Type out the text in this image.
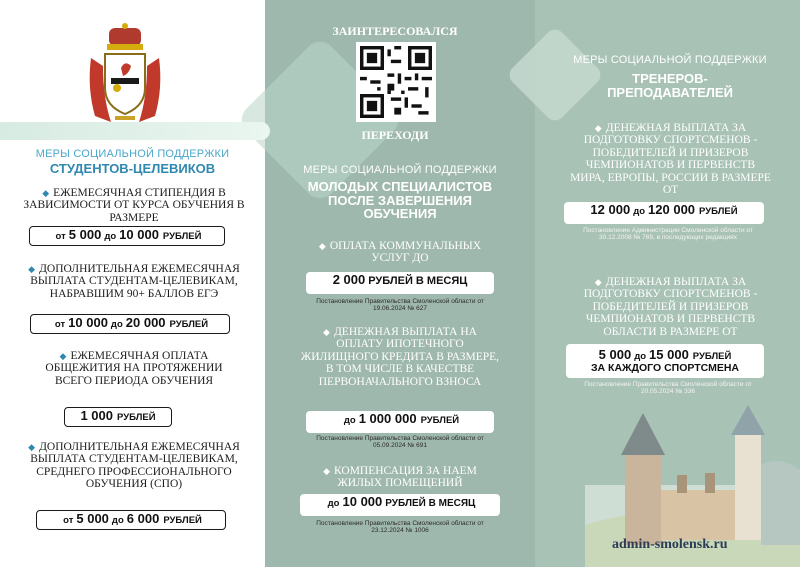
МЕРЫ СОЦИАЛЬНОЙ ПОДДЕРЖКИ
СТУДЕНТОВ-ЦЕЛЕВИКОВ
◆ ЕЖЕМЕСЯЧНАЯ СТИПЕНДИЯ В ЗАВИСИМОСТИ ОТ КУРСА ОБУЧЕНИЯ В РАЗМЕРЕ
от 5 000 до 10 000 РУБЛЕЙ
◆ ДОПОЛНИТЕЛЬНАЯ ЕЖЕМЕСЯЧНАЯ ВЫПЛАТА СТУДЕНТАМ-ЦЕЛЕВИКАМ, НАБРАВШИМ 90+ БАЛЛОВ ЕГЭ
от 10 000 до 20 000 РУБЛЕЙ
◆ ЕЖЕМЕСЯЧНАЯ ОПЛАТА ОБЩЕЖИТИЯ НА ПРОТЯЖЕНИИ ВСЕГО ПЕРИОДА ОБУЧЕНИЯ
1 000 РУБЛЕЙ
◆ ДОПОЛНИТЕЛЬНАЯ ЕЖЕМЕСЯЧНАЯ ВЫПЛАТА СТУДЕНТАМ-ЦЕЛЕВИКАМ, СРЕДНЕГО ПРОФЕССИОНАЛЬНОГО ОБУЧЕНИЯ (СПО)
от 5 000 до 6 000 РУБЛЕЙ
ЗАИНТЕРЕСОВАЛСЯ
ПЕРЕХОДИ
МЕРЫ СОЦИАЛЬНОЙ ПОДДЕРЖКИ
МОЛОДЫХ СПЕЦИАЛИСТОВ ПОСЛЕ ЗАВЕРШЕНИЯ ОБУЧЕНИЯ
◆ ОПЛАТА КОММУНАЛЬНЫХ УСЛУГ ДО
2 000 РУБЛЕЙ В МЕСЯЦ
Постановление Правительства Смоленской области от 19.06.2024 № 627
◆ ДЕНЕЖНАЯ ВЫПЛАТА НА ОПЛАТУ ИПОТЕЧНОГО ЖИЛИЩНОГО КРЕДИТА В РАЗМЕРЕ, В ТОМ ЧИСЛЕ В КАЧЕСТВЕ ПЕРВОНАЧАЛЬНОГО ВЗНОСА
до 1 000 000 РУБЛЕЙ
Постановление Правительства Смоленской области от 05.09.2024 № 691
◆ КОМПЕНСАЦИЯ ЗА НАЕМ ЖИЛЫХ ПОМЕЩЕНИЙ
до 10 000 РУБЛЕЙ В МЕСЯЦ
Постановление Правительства Смоленской области от 23.12.2024 № 1006
МЕРЫ СОЦИАЛЬНОЙ ПОДДЕРЖКИ
ТРЕНЕРОВ-ПРЕПОДАВАТЕЛЕЙ
◆ ДЕНЕЖНАЯ ВЫПЛАТА ЗА ПОДГОТОВКУ СПОРТСМЕНОВ - ПОБЕДИТЕЛЕЙ И ПРИЗЕРОВ ЧЕМПИОНАТОВ И ПЕРВЕНСТВ МИРА, ЕВРОПЫ, РОССИИ В РАЗМЕРЕ ОТ
12 000 до 120 000 РУБЛЕЙ
Постановление Администрации Смоленской области от 30.12.2008 № 769, в последующих редакциях
◆ ДЕНЕЖНАЯ ВЫПЛАТА ЗА ПОДГОТОВКУ СПОРТСМЕНОВ - ПОБЕДИТЕЛЕЙ И ПРИЗЕРОВ ЧЕМПИОНАТОВ И ПЕРВЕНСТВ ОБЛАСТИ В РАЗМЕРЕ ОТ
5 000 до 15 000 РУБЛЕЙ
ЗА КАЖДОГО СПОРТСМЕНА
Постановление Правительства Смоленской области от 20.05.2024 № 336
admin-smolensk.ru
